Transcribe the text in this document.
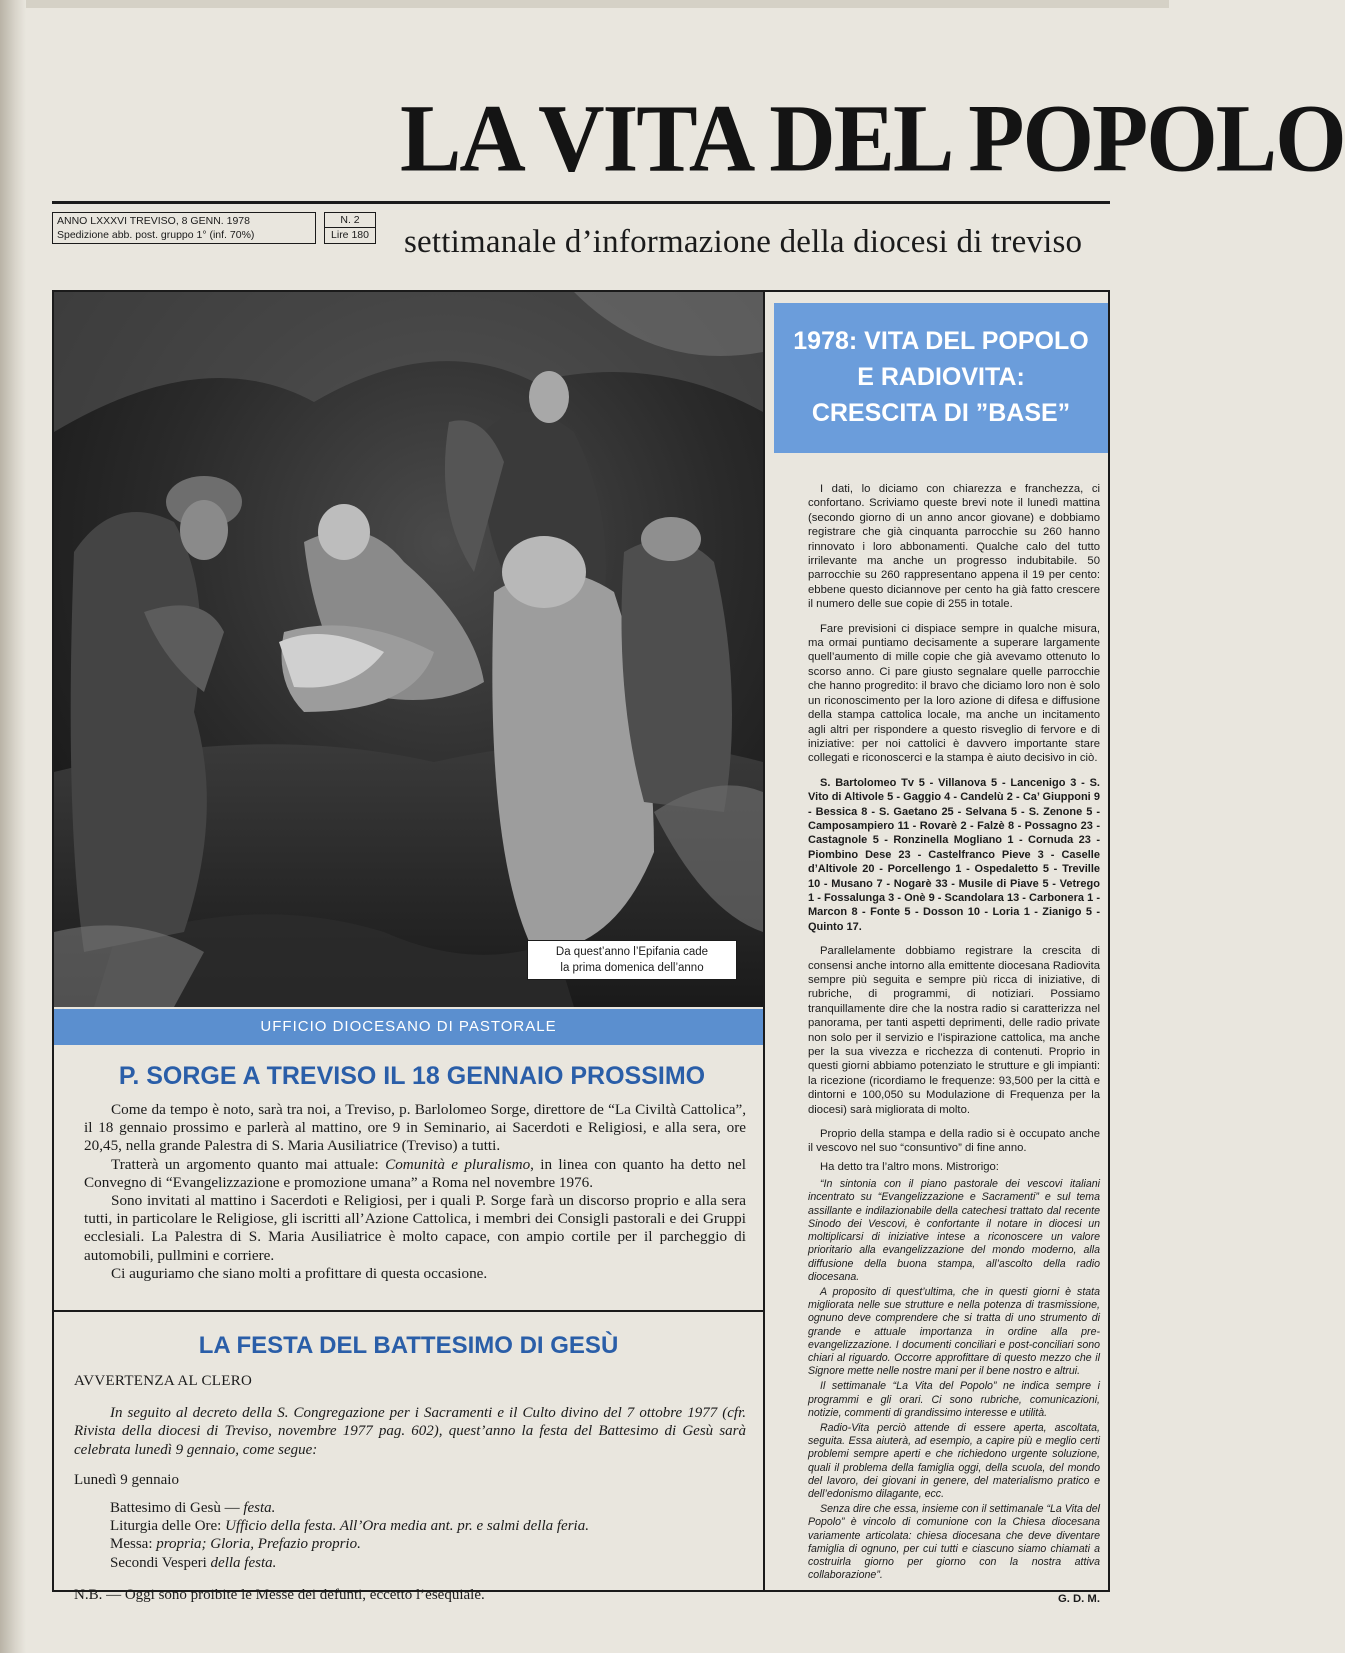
LA VITA DEL POPOLO
ANNO LXXXVI TREVISO, 8 GENN. 1978
Spedizione abb. post. gruppo 1° (inf. 70%)
N. 2
Lire 180 settimanale d’informazione della diocesi di treviso
Da quest’anno l’Epifania cade
la prima domenica dell’anno
UFFICIO DIOCESANO DI PASTORALE
1978: VITA DEL POPOLO
E RADIOVITA:
CRESCITA DI ”BASE”

I dati, lo diciamo con chiarezza e franchezza, ci confortano. Scriviamo queste brevi note il lunedì mattina (secondo giorno di un anno ancor giovane) e dobbiamo registrare che già cinquanta parrocchie su 260 hanno rinnovato i loro abbonamenti. Qualche calo del tutto irrilevante ma anche un progresso indubitabile. 50 parrocchie su 260 rappresentano appena il 19 per cento: ebbene questo diciannove per cento ha già fatto crescere il numero delle sue copie di 255 in totale.

Fare previsioni ci dispiace sempre in qualche misura, ma ormai puntiamo decisamente a superare largamente quell’aumento di mille copie che già avevamo ottenuto lo scorso anno. Ci pare giusto segnalare quelle parrocchie che hanno progredito: il bravo che diciamo loro non è solo un riconoscimento per la loro azione di difesa e diffusione della stampa cattolica locale, ma anche un incitamento agli altri per rispondere a questo risveglio di fervore e di iniziative: per noi cattolici è davvero importante stare collegati e riconoscerci e la stampa è aiuto decisivo in ciò.

S. Bartolomeo Tv 5 - Villanova 5 - Lancenigo 3 - S. Vito di Altivole 5 - Gaggio 4 - Candelù 2 - Ca’ Giupponi 9 - Bessica 8 - S. Gaetano 25 - Selvana 5 - S. Zenone 5 - Camposampiero 11 - Rovarè 2 - Falzè 8 - Possagno 23 - Castagnole 5 - Ronzinella Mogliano 1 - Cornuda 23 - Piombino Dese 23 - Castelfranco Pieve 3 - Caselle d’Altivole 20 - Porcellengo 1 - Ospedaletto 5 - Treville 10 - Musano 7 - Nogarè 33 - Musile di Piave 5 - Vetrego 1 - Fossalunga 3 - Onè 9 - Scandolara 13 - Carbonera 1 - Marcon 8 - Fonte 5 - Dosson 10 - Loria 1 - Zianigo 5 - Quinto 17.

Parallelamente dobbiamo registrare la crescita di consensi anche intorno alla emittente diocesana Radiovita sempre più seguita e sempre più ricca di iniziative, di rubriche, di programmi, di notiziari. Possiamo tranquillamente dire che la nostra radio si caratterizza nel panorama, per tanti aspetti deprimenti, delle radio private non solo per il servizio e l’ispirazione cattolica, ma anche per la sua vivezza e ricchezza di contenuti. Proprio in questi giorni abbiamo potenziato le strutture e gli impianti: la ricezione (ricordiamo le frequenze: 93,500 per la città e dintorni e 100,050 su Modulazione di Frequenza per la diocesi) sarà migliorata di molto.

Proprio della stampa e della radio si è occupato anche il vescovo nel suo “consuntivo” di fine anno.

Ha detto tra l’altro mons. Mistrorigo:

“In sintonia con il piano pastorale dei vescovi italiani incentrato su “Evangelizzazione e Sacramenti” e sul tema assillante e indilazionabile della catechesi trattato dal recente Sinodo dei Vescovi, è confortante il notare in diocesi un moltiplicarsi di iniziative intese a riconoscere un valore prioritario alla evangelizzazione del mondo moderno, alla diffusione della buona stampa, all’ascolto della radio diocesana.

A proposito di quest’ultima, che in questi giorni è stata migliorata nelle sue strutture e nella potenza di trasmissione, ognuno deve comprendere che si tratta di uno strumento di grande e attuale importanza in ordine alla pre-evangelizzazione. I documenti conciliari e post-conciliari sono chiari al riguardo. Occorre approfittare di questo mezzo che il Signore mette nelle nostre mani per il bene nostro e altrui.

Il settimanale “La Vita del Popolo” ne indica sempre i programmi e gli orari. Ci sono rubriche, comunicazioni, notizie, commenti di grandissimo interesse e utilità.

Radio-Vita perciò attende di essere aperta, ascoltata, seguita. Essa aiuterà, ad esempio, a capire più e meglio certi problemi sempre aperti e che richiedono urgente soluzione, quali il problema della famiglia oggi, della scuola, del mondo del lavoro, dei giovani in genere, del materialismo pratico e dell’edonismo dilagante, ecc.

Senza dire che essa, insieme con il settimanale “La Vita del Popolo” è vincolo di comunione con la Chiesa diocesana variamente articolata: chiesa diocesana che deve diventare famiglia di ognuno, per cui tutti e ciascuno siamo chiamati a costruirla giorno per giorno con la nostra attiva collaborazione”.

G. D. M.

P. SORGE A TREVISO IL 18 GENNAIO PROSSIMO

Come da tempo è noto, sarà tra noi, a Treviso, p. Barlolomeo Sorge, direttore de “La Civiltà Cattolica”, il 18 gennaio prossimo e parlerà al mattino, ore 9 in Seminario, ai Sacerdoti e Religiosi, e alla sera, ore 20,45, nella grande Palestra di S. Maria Ausiliatrice (Treviso) a tutti.

Tratterà un argomento quanto mai attuale: Comunità e pluralismo, in linea con quanto ha detto nel Convegno di “Evangelizzazione e promozione umana” a Roma nel novembre 1976.

Sono invitati al mattino i Sacerdoti e Religiosi, per i quali P. Sorge farà un discorso proprio e alla sera tutti, in particolare le Religiose, gli iscritti all’Azione Cattolica, i membri dei Consigli pastorali e dei Gruppi ecclesiali. La Palestra di S. Maria Ausiliatrice è molto capace, con ampio cortile per il parcheggio di automobili, pullmini e corriere.

Ci auguriamo che siano molti a profittare di questa occasione.

LA FESTA DEL BATTESIMO DI GESÙ

AVVERTENZA AL CLERO

In seguito al decreto della S. Congregazione per i Sacramenti e il Culto divino del 7 ottobre 1977 (cfr. Rivista della diocesi di Treviso, novembre 1977 pag. 602), quest’anno la festa del Battesimo di Gesù sarà celebrata lunedì 9 gennaio, come segue:

Lunedì 9 gennaio

Battesimo di Gesù — festa.

Liturgia delle Ore: Ufficio della festa. All’Ora media ant. pr. e salmi della feria.

Messa: propria; Gloria, Prefazio proprio.

Secondi Vesperi della festa.

N.B. — Oggi sono proibite le Messe dei defunti, eccetto l’esequiale.
